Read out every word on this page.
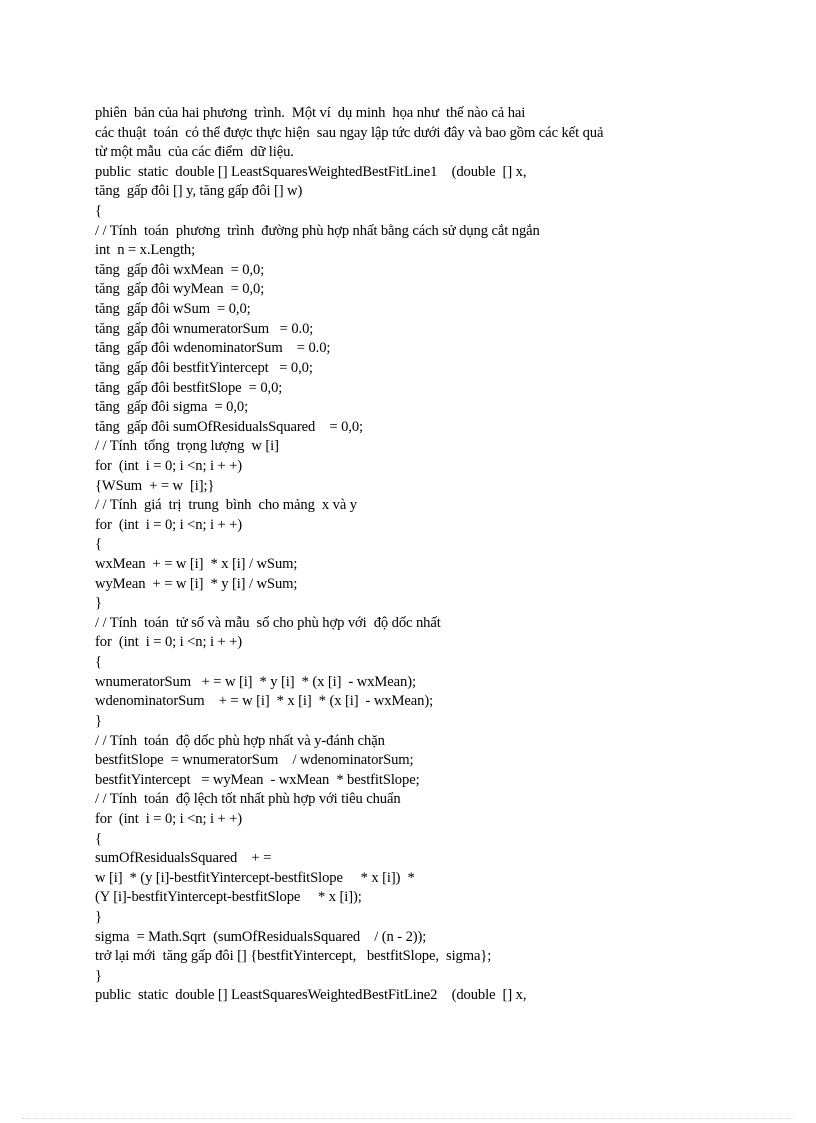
phiên  bản của hai phương  trình.  Một ví  dụ minh  họa như  thế nào cả hai
các thuật  toán  có thể được thực hiện  sau ngay lập tức dưới đây và bao gồm các kết quả
từ một mẫu  của các điểm  dữ liệu.
public  static  double [] LeastSquaresWeightedBestFitLine1    (double  [] x,
tăng  gấp đôi [] y, tăng gấp đôi [] w)
{
/ / Tính  toán  phương  trình  đường phù hợp nhất bằng cách sử dụng cắt ngắn
int  n = x.Length;
tăng  gấp đôi wxMean  = 0,0;
tăng  gấp đôi wyMean  = 0,0;
tăng  gấp đôi wSum  = 0,0;
tăng  gấp đôi wnumeratorSum   = 0.0;
tăng  gấp đôi wdenominatorSum    = 0.0;
tăng  gấp đôi bestfitYintercept   = 0,0;
tăng  gấp đôi bestfitSlope  = 0,0;
tăng  gấp đôi sigma  = 0,0;
tăng  gấp đôi sumOfResidualsSquared    = 0,0;
/ / Tính  tổng  trọng lượng  w [i]
for  (int  i = 0; i <n; i + +)
{WSum  + = w  [i];}
/ / Tính  giá  trị  trung  bình  cho mảng  x và y
for  (int  i = 0; i <n; i + +)
{
wxMean  + = w [i]  * x [i] / wSum;
wyMean  + = w [i]  * y [i] / wSum;
}
/ / Tính  toán  tử số và mẫu  số cho phù hợp với  độ dốc nhất
for  (int  i = 0; i <n; i + +)
{
wnumeratorSum   + = w [i]  * y [i]  * (x [i]  - wxMean);
wdenominatorSum    + = w [i]  * x [i]  * (x [i]  - wxMean);
}
/ / Tính  toán  độ dốc phù hợp nhất và y-đánh chặn
bestfitSlope  = wnumeratorSum    / wdenominatorSum;
bestfitYintercept   = wyMean  - wxMean  * bestfitSlope;
/ / Tính  toán  độ lệch tốt nhất phù hợp với tiêu chuẩn
for  (int  i = 0; i <n; i + +)
{
sumOfResidualsSquared    + =
w [i]  * (y [i]-bestfitYintercept-bestfitSlope     * x [i])  *
(Y [i]-bestfitYintercept-bestfitSlope     * x [i]);
}
sigma  = Math.Sqrt  (sumOfResidualsSquared    / (n - 2));
trở lại mới  tăng gấp đôi [] {bestfitYintercept,   bestfitSlope,  sigma};
}
public  static  double [] LeastSquaresWeightedBestFitLine2    (double  [] x,
